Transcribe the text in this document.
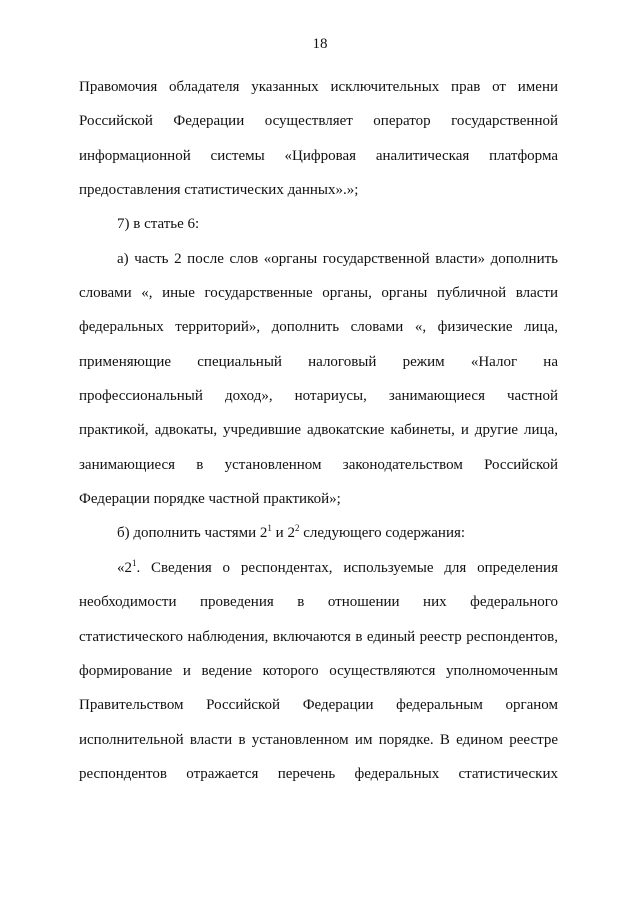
18
Правомочия обладателя указанных исключительных прав от имени
Российской Федерации осуществляет оператор государственной
информационной системы «Цифровая аналитическая платформа
предоставления статистических данных».»;
7) в статье 6:
а) часть 2 после слов «органы государственной власти» дополнить
словами «, иные государственные органы, органы публичной власти
федеральных территорий», дополнить словами «, физические лица,
применяющие специальный налоговый режим «Налог на
профессиональный доход», нотариусы, занимающиеся частной
практикой, адвокаты, учредившие адвокатские кабинеты, и другие лица,
занимающиеся в установленном законодательством Российской
Федерации порядке частной практикой»;
б) дополнить частями $2^1$ и $2^2$ следующего содержания:
«$2^1$. Сведения о респондентах, используемые для определения
необходимости проведения в отношении них федерального
статистического наблюдения, включаются в единый реестр респондентов,
формирование и ведение которого осуществляются уполномоченным
Правительством Российской Федерации федеральным органом
исполнительной власти в установленном им порядке. В едином реестре
респондентов отражается перечень федеральных статистических
